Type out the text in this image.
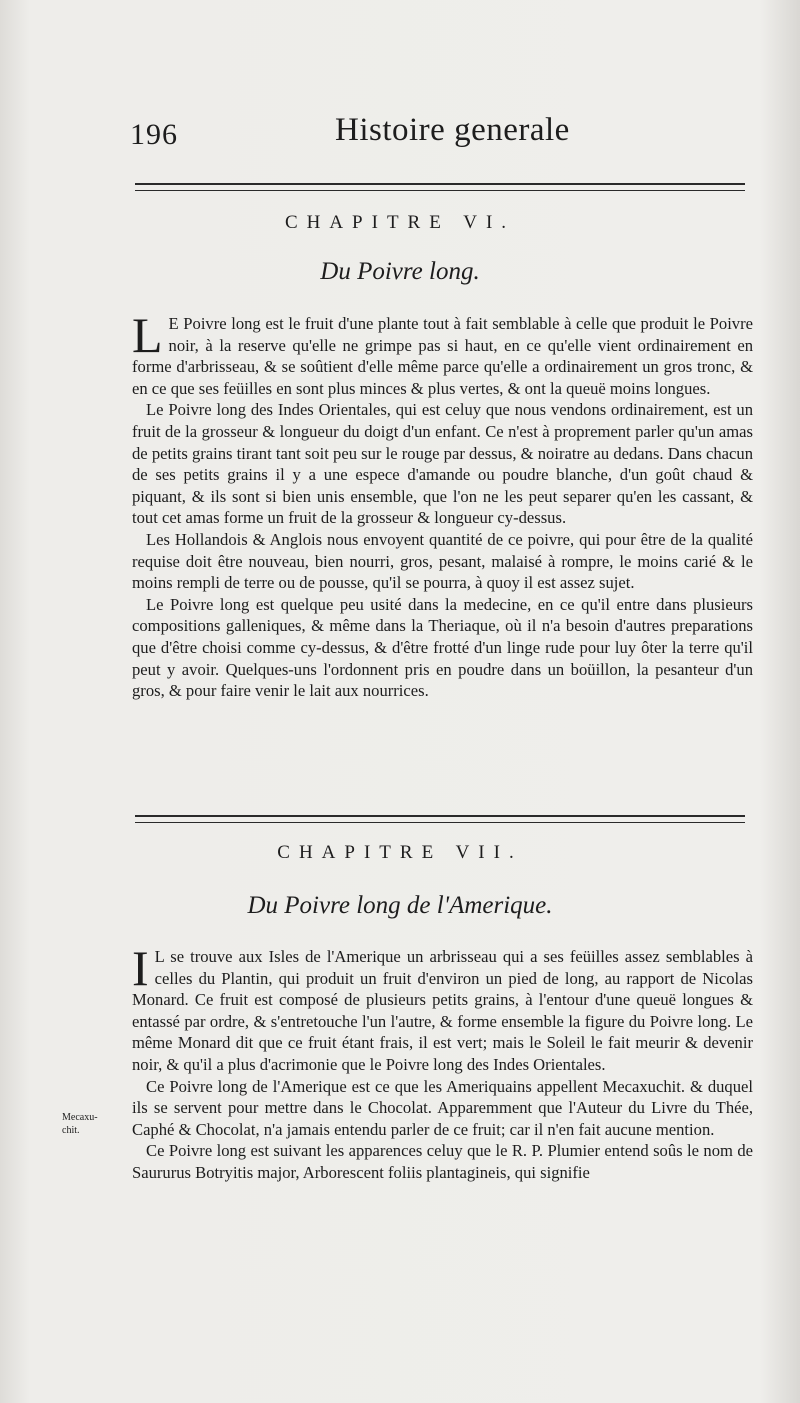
196	Histoire generale
CHAPITRE VI.
Du Poivre long.

L E Poivre long est le fruit d'une plante tout à fait semblable à celle que produit le Poivre noir, à la reserve qu'elle ne grimpe pas si haut, en ce qu'elle vient ordinairement en forme d'arbrisseau, & se soûtient d'elle même parce qu'elle a ordinairement un gros tronc, & en ce que ses feüilles en sont plus minces & plus vertes, & ont la queuë moins longues.

Le Poivre long des Indes Orientales, qui est celuy que nous vendons ordinairement, est un fruit de la grosseur & longueur du doigt d'un enfant. Ce n'est à proprement parler qu'un amas de petits grains tirant tant soit peu sur le rouge par dessus, & noiratre au dedans. Dans chacun de ses petits grains il y a une espece d'amande ou poudre blanche, d'un goût chaud & piquant, & ils sont si bien unis ensemble, que l'on ne les peut separer qu'en les cassant, & tout cet amas forme un fruit de la grosseur & longueur cy-dessus.

Les Hollandois & Anglois nous envoyent quantité de ce poivre, qui pour être de la qualité requise doit être nouveau, bien nourri, gros, pesant, malaisé à rompre, le moins carié & le moins rempli de terre ou de poussе, qu'il se pourra, à quoy il est assez sujet.

Le Poivre long est quelque peu usité dans la medecine, en ce qu'il entre dans plusieurs compositions galleniques, & même dans la Theriaque, où il n'a besoin d'autres preparations que d'être choisi comme cy-dessus, & d'être frotté d'un linge rude pour luy ôter la terre qu'il peut y avoir. Quelques-uns l'ordonnent pris en poudre dans un boüillon, la pesanteur d'un gros, & pour faire venir le lait aux nourrices.

CHAPITRE VII.
Du Poivre long de l'Amerique.

I L se trouve aux Isles de l'Amerique un arbrisseau qui a ses feüilles assez semblables à celles du Plantin, qui produit un fruit d'environ un pied de long, au rapport de Nicolas Monard. Ce fruit est composé de plusieurs petits grains, à l'entour d'une queuë longues & entassé par ordre, & s'entretouche l'un l'autre, & forme ensemble la figure du Poivre long. Le même Monard dit que ce fruit étant frais, il est vert; mais le Soleil le fait meurir & devenir noir, & qu'il a plus d'acrimonie que le Poivre long des Indes Orientales.

Ce Poivre long de l'Amerique est ce que les Ameriquains appellent Mecaxuchit. & duquel ils se servent pour mettre dans le Chocolat. Apparemment que l'Auteur du Livre du Thée, Caphé & Chocolat, n'a jamais entendu parler de ce fruit; car il n'en fait aucune mention.

Ce Poivre long est suivant les apparences celuy que le R. P. Plumier entend soûs le nom de Saururus Botryitis major, Arborescent foliis plantagineis, qui signifie

Mecaxu-chit.
